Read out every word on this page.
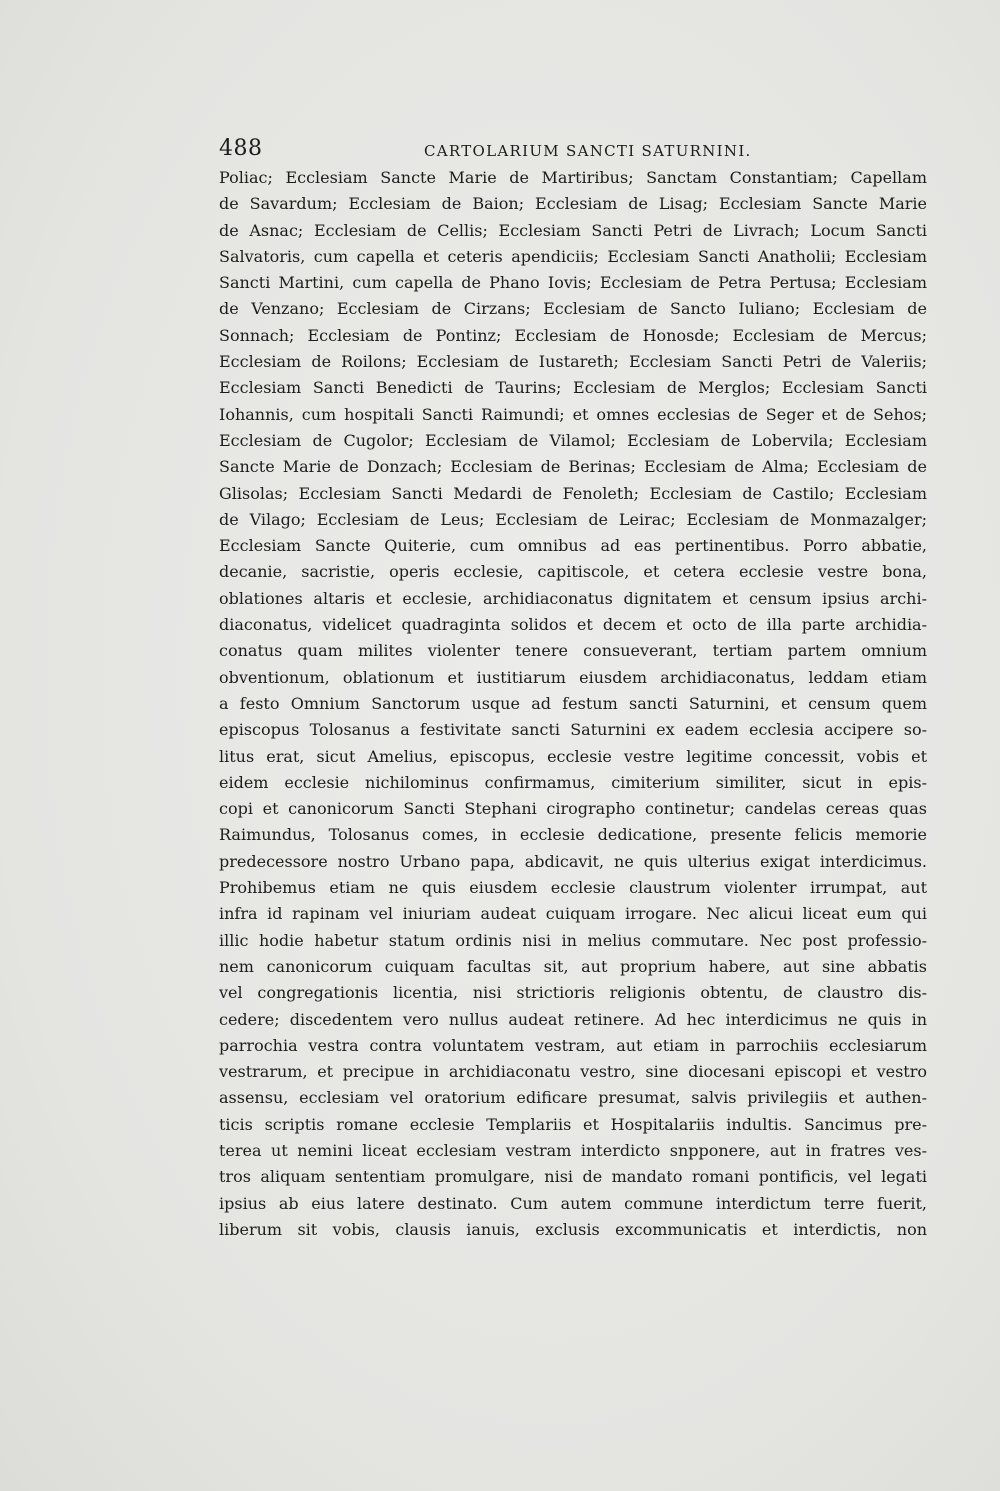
488	CARTOLARIUM SANCTI SATURNINI.
Poliac; Ecclesiam Sancte Marie de Martiribus; Sanctam Constantiam; Capellam
de Savardum; Ecclesiam de Baion; Ecclesiam de Lisag; Ecclesiam Sancte Marie
de Asnac; Ecclesiam de Cellis; Ecclesiam Sancti Petri de Livrach; Locum Sancti
Salvatoris, cum capella et ceteris apendiciis; Ecclesiam Sancti Anatholii; Ecclesiam
Sancti Martini, cum capella de Phano Iovis; Ecclesiam de Petra Pertusa; Ecclesiam
de Venzano; Ecclesiam de Cirzans; Ecclesiam de Sancto Iuliano; Ecclesiam de
Sonnach; Ecclesiam de Pontinz; Ecclesiam de Honosde; Ecclesiam de Mercus;
Ecclesiam de Roilons; Ecclesiam de Iustareth; Ecclesiam Sancti Petri de Valeriis;
Ecclesiam Sancti Benedicti de Taurins; Ecclesiam de Merglos; Ecclesiam Sancti
Iohannis, cum hospitali Sancti Raimundi; et omnes ecclesias de Seger et de Sehos;
Ecclesiam de Cugolor; Ecclesiam de Vilamol; Ecclesiam de Lobervila; Ecclesiam
Sancte Marie de Donzach; Ecclesiam de Berinas; Ecclesiam de Alma; Ecclesiam de
Glisolas; Ecclesiam Sancti Medardi de Fenoleth; Ecclesiam de Castilo; Ecclesiam
de Vilago; Ecclesiam de Leus; Ecclesiam de Leirac; Ecclesiam de Monmazalger;
Ecclesiam Sancte Quiterie, cum omnibus ad eas pertinentibus. Porro abbatie,
decanie, sacristie, operis ecclesie, capitiscole, et cetera ecclesie vestre bona,
oblationes altaris et ecclesie, archidiaconatus dignitatem et censum ipsius archi-
diaconatus, videlicet quadraginta solidos et decem et octo de illa parte archidia-
conatus quam milites violenter tenere consueverant, tertiam partem omnium
obventionum, oblationum et iustitiarum eiusdem archidiaconatus, leddam etiam
a festo Omnium Sanctorum usque ad festum sancti Saturnini, et censum quem
episcopus Tolosanus a festivitate sancti Saturnini ex eadem ecclesia accipere so-
litus erat, sicut Amelius, episcopus, ecclesie vestre legitime concessit, vobis et
eidem ecclesie nichilominus confirmamus, cimiterium similiter, sicut in epis-
copi et canonicorum Sancti Stephani cirographo continetur; candelas cereas quas
Raimundus, Tolosanus comes, in ecclesie dedicatione, presente felicis memorie
predecessore nostro Urbano papa, abdicavit, ne quis ulterius exigat interdicimus.
Prohibemus etiam ne quis eiusdem ecclesie claustrum violenter irrumpat, aut
infra id rapinam vel iniuriam audeat cuiquam irrogare. Nec alicui liceat eum qui
illic hodie habetur statum ordinis nisi in melius commutare. Nec post professio-
nem canonicorum cuiquam facultas sit, aut proprium habere, aut sine abbatis
vel congregationis licentia, nisi strictioris religionis obtentu, de claustro dis-
cedere; discedentem vero nullus audeat retinere. Ad hec interdicimus ne quis in
parrochia vestra contra voluntatem vestram, aut etiam in parrochiis ecclesiarum
vestrarum, et precipue in archidiaconatu vestro, sine diocesani episcopi et vestro
assensu, ecclesiam vel oratorium edificare presumat, salvis privilegiis et authen-
ticis scriptis romane ecclesie Templariis et Hospitalariis indultis. Sancimus pre-
terea ut nemini liceat ecclesiam vestram interdicto snpponere, aut in fratres ves-
tros aliquam sententiam promulgare, nisi de mandato romani pontificis, vel legati
ipsius ab eius latere destinato. Cum autem commune interdictum terre fuerit,
liberum sit vobis, clausis ianuis, exclusis excommunicatis et interdictis, non
